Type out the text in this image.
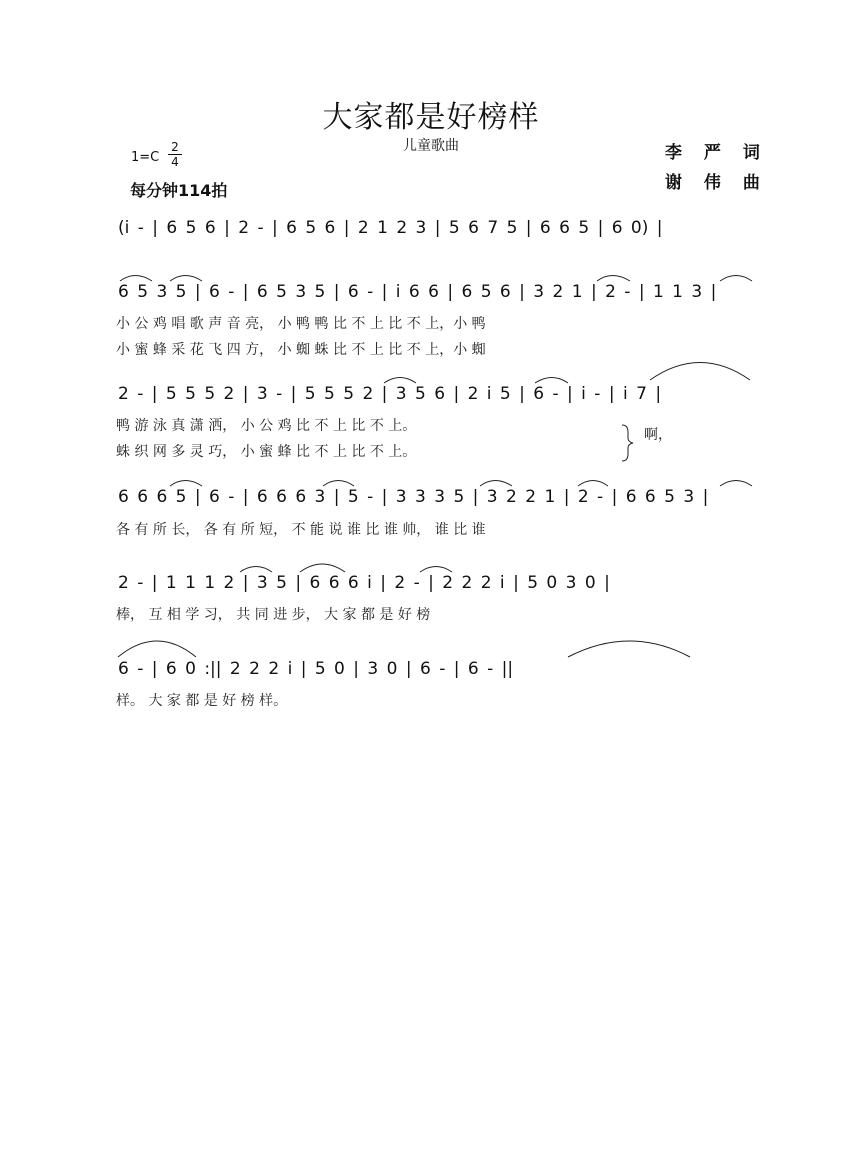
大家都是好榜样
儿童歌曲
1=C
2
4
每分钟114拍
李 严 词
谢 伟 曲
(i - | 6 5 6 | 2 - | 6 5 6 | 2 1 2 3 | 5 6 7 5 | 6 6 5 | 6 0) |
6 5 3 5 | 6 - | 6 5 3 5 | 6 - | i 6 6 | 6 5 6 | 3 2 1 | 2 - | 1 1 3 |
小 公 鸡 唱 歌 声 音 亮， 小 鸭 鸭 比 不 上 比 不 上，小 鸭
小 蜜 蜂 采 花 飞 四 方， 小 蜘 蛛 比 不 上 比 不 上，小 蜘
2 - | 5 5 5 2 | 3 - | 5 5 5 2 | 3 5 6 | 2 i 5 | 6 - | i - | i 7 |
鸭 游 泳 真 潇 洒， 小 公 鸡 比 不 上 比 不 上。
蛛 织 网 多 灵 巧， 小 蜜 蜂 比 不 上 比 不 上。
啊，
6 6 6 5 | 6 - | 6 6 6 3 | 5 - | 3 3 3 5 | 3 2 2 1 | 2 - | 6 6 5 3 |
各 有 所 长， 各 有 所 短， 不 能 说 谁 比 谁 帅， 谁 比 谁
2 - | 1 1 1 2 | 3 5 | 6 6 6 i | 2 - | 2 2 2 i | 5 0 3 0 |
棒， 互 相 学 习， 共 同 进 步， 大 家 都 是 好 榜
6 - | 6 0 :|| 2 2 2 i | 5 0 | 3 0 | 6 - | 6 - ||
样。 大 家 都 是 好 榜 样。
